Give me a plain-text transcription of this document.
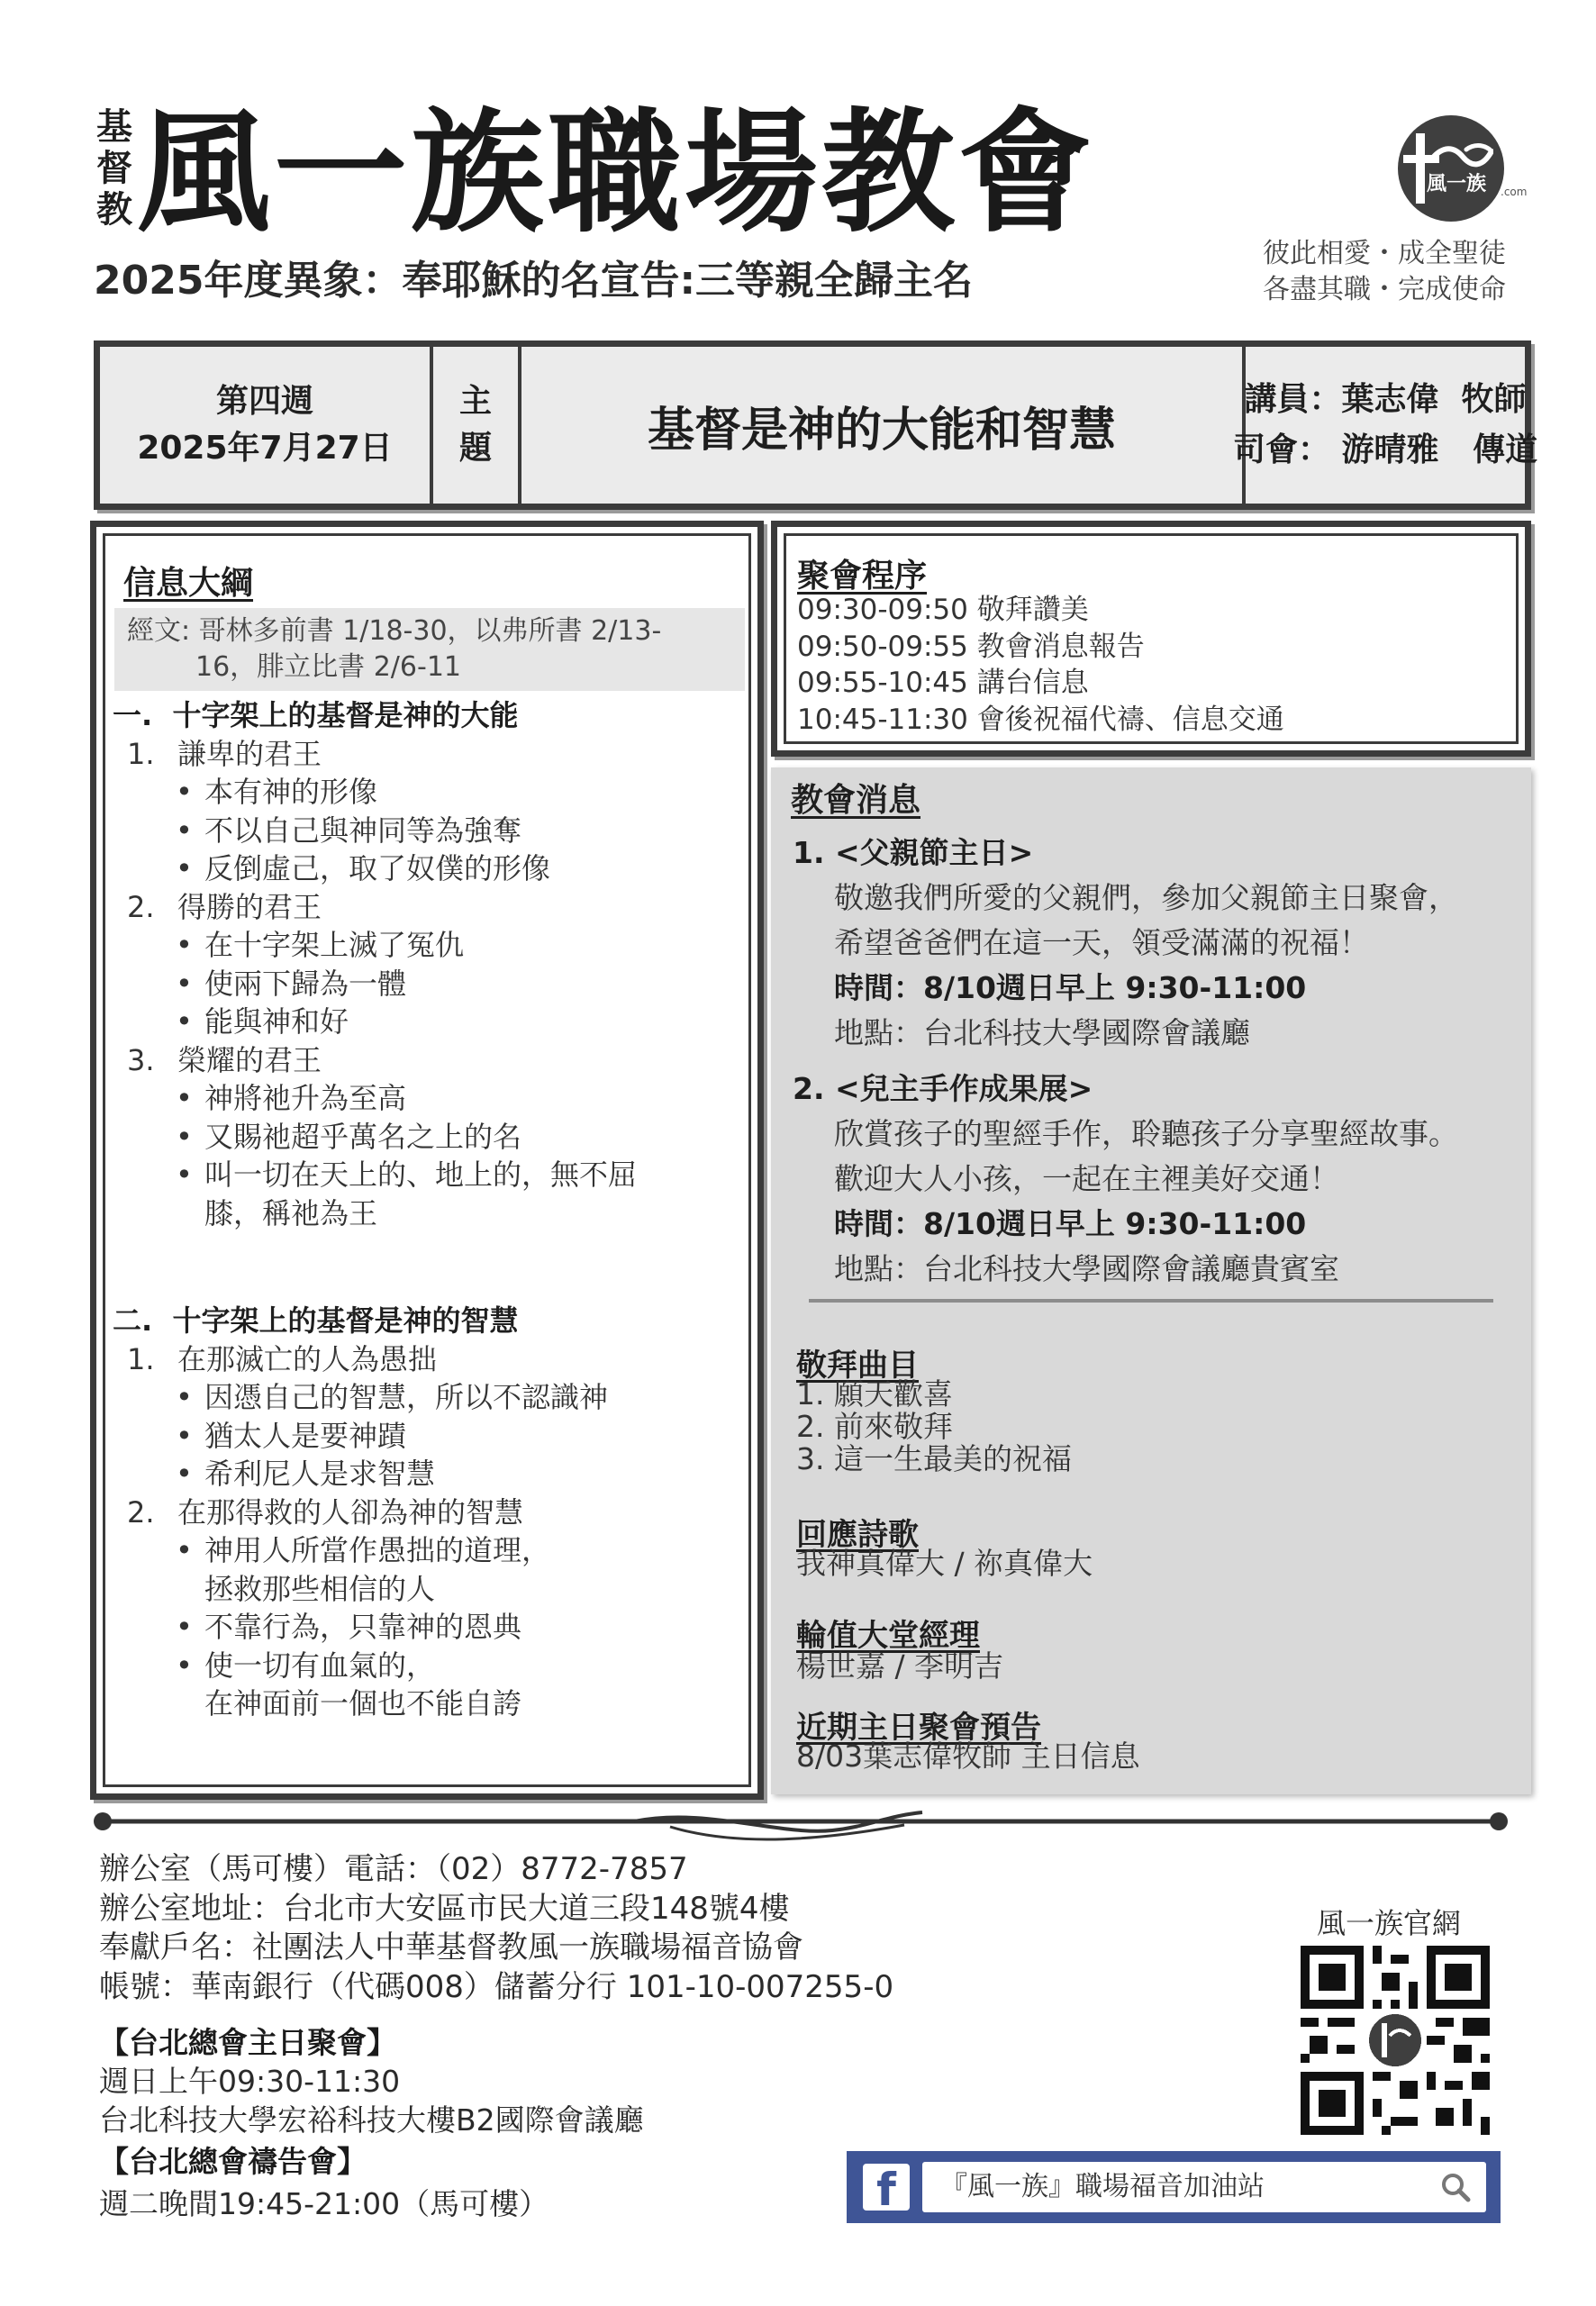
基
督
教 風一族職場教會
2025年度異象：奉耶穌的名宣告:三等親全歸主名
風一族 .com
彼此相愛・成全聖徒
各盡其職・完成使命
第四週
2025年7月27日
主
題	基督是神的大能和智慧
講員：葉志偉  牧師
司會： 游晴雅   傳道
信息大綱
經文: 哥林多前書 1/18-30，以弗所書 2/13-
16，腓立比書 2/6-11
一.  十字架上的基督是神的大能
1. 謙卑的君王
• 本有神的形像
• 不以自己與神同等為強奪
• 反倒虛己，取了奴僕的形像
2. 得勝的君王
• 在十字架上滅了冤仇
• 使兩下歸為一體
• 能與神和好
3. 榮耀的君王
• 神將祂升為至高
• 又賜祂超乎萬名之上的名
• 叫一切在天上的、地上的，無不屈
膝，稱祂為王
二.  十字架上的基督是神的智慧
1. 在那滅亡的人為愚拙
• 因憑自己的智慧，所以不認識神
• 猶太人是要神蹟
• 希利尼人是求智慧
2. 在那得救的人卻為神的智慧
• 神用人所當作愚拙的道理，
拯救那些相信的人
• 不靠行為，只靠神的恩典
• 使一切有血氣的，
在神面前一個也不能自誇
聚會程序
09:30-09:50 敬拜讚美
09:50-09:55 教會消息報告
09:55-10:45 講台信息
10:45-11:30 會後祝福代禱、信息交通
教會消息
1. <父親節主日>
敬邀我們所愛的父親們，參加父親節主日聚會，
希望爸爸們在這一天，領受滿滿的祝福！
時間：8/10週日早上 9:30-11:00
地點：台北科技大學國際會議廳
2. <兒主手作成果展>
欣賞孩子的聖經手作，聆聽孩子分享聖經故事。
歡迎大人小孩，一起在主裡美好交通！
時間：8/10週日早上 9:30-11:00
地點：台北科技大學國際會議廳貴賓室
敬拜曲目
1. 願天歡喜
2. 前來敬拜
3. 這一生最美的祝福
回應詩歌
我神真偉大 / 祢真偉大
輪值大堂經理
楊世嘉 / 李明吉
近期主日聚會預告
8/03葉志偉牧師 主日信息
辦公室（馬可樓）電話：（02）8772-7857
辦公室地址：台北市大安區市民大道三段148號4樓
奉獻戶名：社團法人中華基督教風一族職場福音協會
帳號：華南銀行（代碼008）儲蓄分行 101-10-007255-0
【台北總會主日聚會】
週日上午09:30-11:30
台北科技大學宏裕科技大樓B2國際會議廳
【台北總會禱告會】
週二晚間19:45-21:00（馬可樓）
風一族官網
f	『風一族』職場福音加油站
